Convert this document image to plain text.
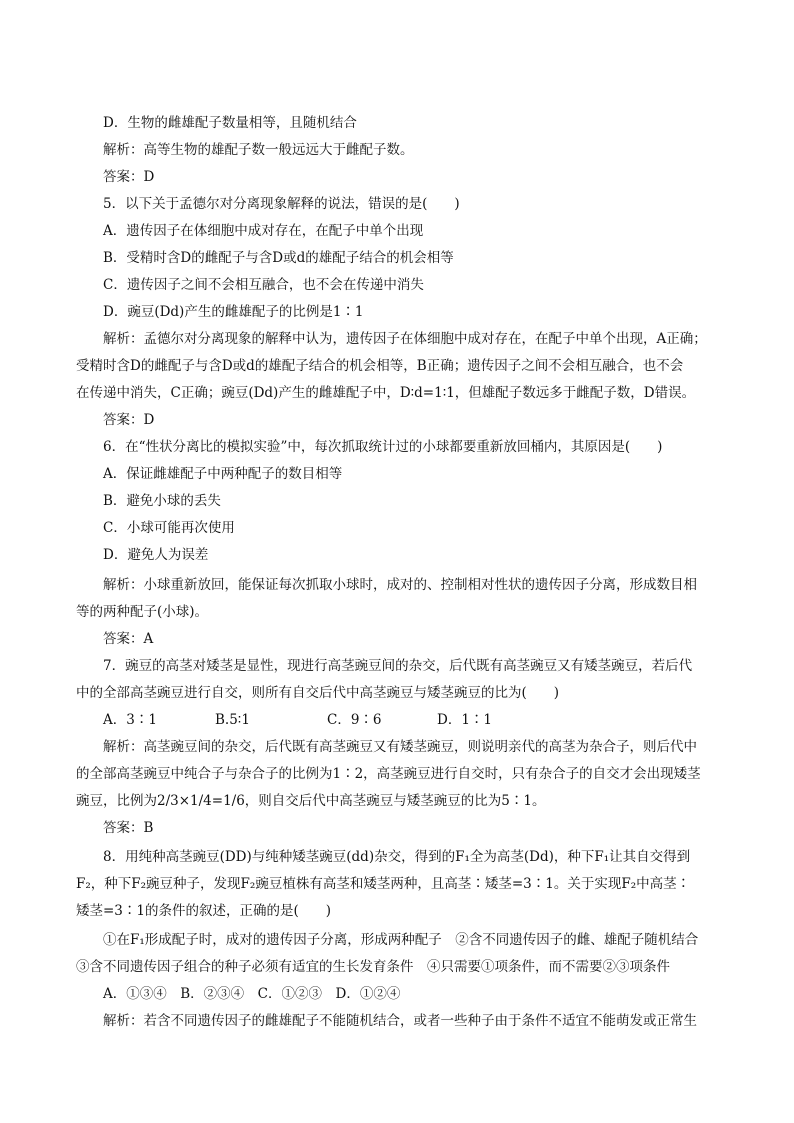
D．生物的雌雄配子数量相等，且随机结合
解析：高等生物的雄配子数一般远远大于雌配子数。
答案：D
5．以下关于孟德尔对分离现象解释的说法，错误的是(　　)
A．遗传因子在体细胞中成对存在，在配子中单个出现
B．受精时含D的雌配子与含D或d的雄配子结合的机会相等
C．遗传因子之间不会相互融合，也不会在传递中消失
D．豌豆(Dd)产生的雌雄配子的比例是1∶1
解析：孟德尔对分离现象的解释中认为，遗传因子在体细胞中成对存在，在配子中单个出现，A正确；
受精时含D的雌配子与含D或d的雄配子结合的机会相等，B正确；遗传因子之间不会相互融合，也不会
在传递中消失，C正确；豌豆(Dd)产生的雌雄配子中，D∶d=1∶1，但雄配子数远多于雌配子数，D错误。
答案：D
6．在“性状分离比的模拟实验”中，每次抓取统计过的小球都要重新放回桶内，其原因是(　　)
A．保证雌雄配子中两种配子的数目相等
B．避免小球的丢失
C．小球可能再次使用
D．避免人为误差
解析：小球重新放回，能保证每次抓取小球时，成对的、控制相对性状的遗传因子分离，形成数目相
等的两种配子(小球)。
答案：A
7．豌豆的高茎对矮茎是显性，现进行高茎豌豆间的杂交，后代既有高茎豌豆又有矮茎豌豆，若后代
中的全部高茎豌豆进行自交，则所有自交后代中高茎豌豆与矮茎豌豆的比为(　　)
A．3∶1	B.5∶1	C．9∶6	D．1∶1
解析：高茎豌豆间的杂交，后代既有高茎豌豆又有矮茎豌豆，则说明亲代的高茎为杂合子，则后代中
的全部高茎豌豆中纯合子与杂合子的比例为1∶2，高茎豌豆进行自交时，只有杂合子的自交才会出现矮茎
豌豆，比例为2/3×1/4=1/6，则自交后代中高茎豌豆与矮茎豌豆的比为5∶1。
答案：B
8．用纯种高茎豌豆(DD)与纯种矮茎豌豆(dd)杂交，得到的F₁全为高茎(Dd)，种下F₁让其自交得到
F₂，种下F₂豌豆种子，发现F₂豌豆植株有高茎和矮茎两种，且高茎∶矮茎=3∶1。关于实现F₂中高茎∶
矮茎=3∶1的条件的叙述，正确的是(　　)
①在F₁形成配子时，成对的遗传因子分离，形成两种配子　②含不同遗传因子的雌、雄配子随机结合
③含不同遗传因子组合的种子必须有适宜的生长发育条件　④只需要①项条件，而不需要②③项条件
A．①③④　B．②③④　C．①②③　D．①②④
解析：若含不同遗传因子的雌雄配子不能随机结合，或者一些种子由于条件不适宜不能萌发或正常生
